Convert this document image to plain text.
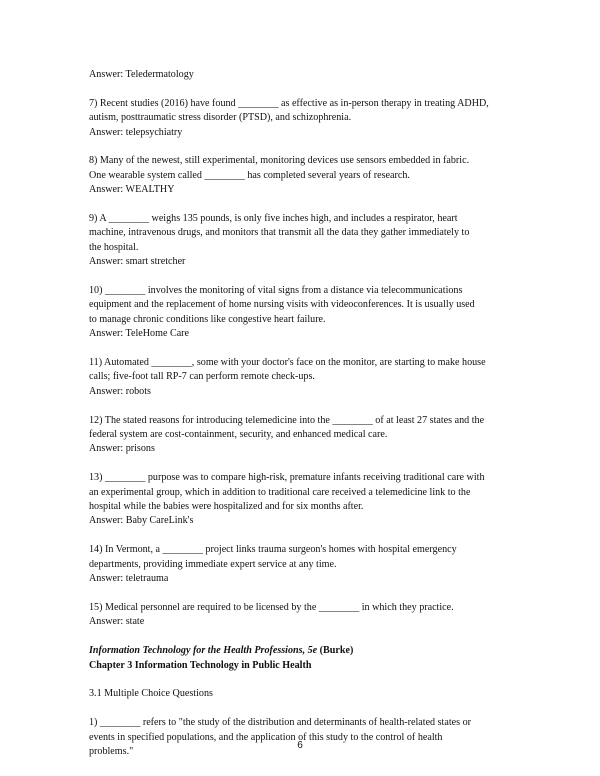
Answer: Teledermatology
7) Recent studies (2016) have found ________ as effective as in-person therapy in treating ADHD,
autism, posttraumatic stress disorder (PTSD), and schizophrenia.
Answer: telepsychiatry
8) Many of the newest, still experimental, monitoring devices use sensors embedded in fabric.
One wearable system called ________ has completed several years of research.
Answer: WEALTHY
9) A ________ weighs 135 pounds, is only five inches high, and includes a respirator, heart
machine, intravenous drugs, and monitors that transmit all the data they gather immediately to
the hospital.
Answer: smart stretcher
10) ________ involves the monitoring of vital signs from a distance via telecommunications
equipment and the replacement of home nursing visits with videoconferences. It is usually used
to manage chronic conditions like congestive heart failure.
Answer: TeleHome Care
11) Automated ________, some with your doctor's face on the monitor, are starting to make house
calls; five-foot tall RP-7 can perform remote check-ups.
Answer: robots
12) The stated reasons for introducing telemedicine into the ________ of at least 27 states and the
federal system are cost-containment, security, and enhanced medical care.
Answer: prisons
13) ________ purpose was to compare high-risk, premature infants receiving traditional care with
an experimental group, which in addition to traditional care received a telemedicine link to the
hospital while the babies were hospitalized and for six months after.
Answer: Baby CareLink's
14) In Vermont, a ________ project links trauma surgeon's homes with hospital emergency
departments, providing immediate expert service at any time.
Answer: teletrauma
15) Medical personnel are required to be licensed by the ________ in which they practice.
Answer: state
Information Technology for the Health Professions, 5e (Burke)
Chapter 3 Information Technology in Public Health
3.1 Multiple Choice Questions
1) ________ refers to "the study of the distribution and determinants of health-related states or
events in specified populations, and the application of this study to the control of health
problems."
6
